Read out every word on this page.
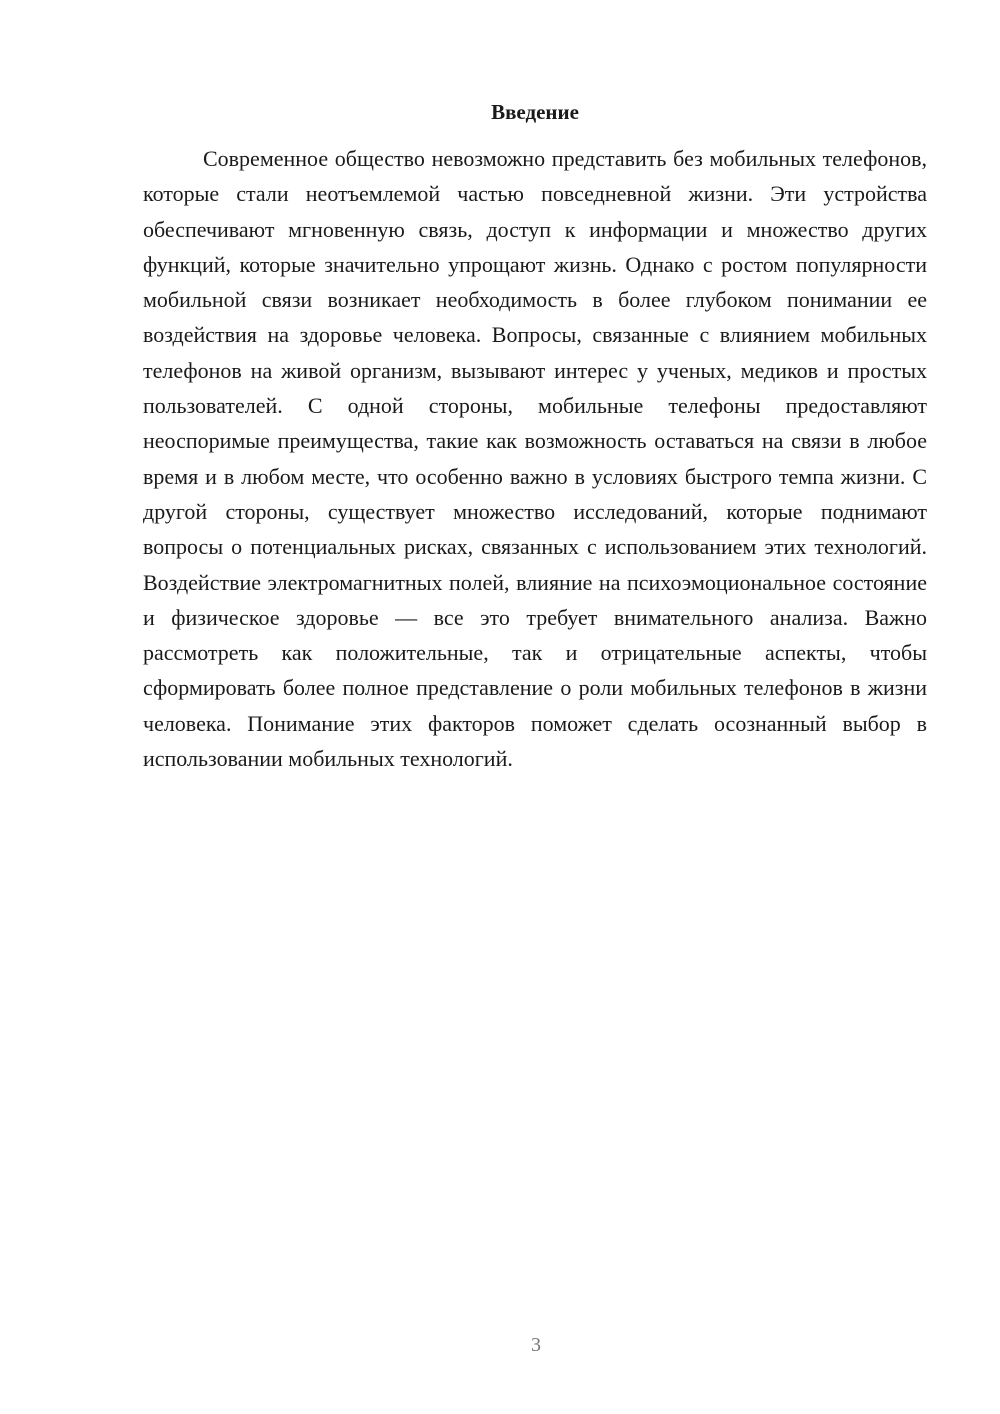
Введение

Современное общество невозможно представить без мобильных телефонов, которые стали неотъемлемой частью повседневной жизни. Эти устройства обеспечивают мгновенную связь, доступ к информации и множество других функций, которые значительно упрощают жизнь. Однако с ростом популярности мобильной связи возникает необходимость в более глубоком понимании ее воздействия на здоровье человека. Вопросы, связанные с влиянием мобильных телефонов на живой организм, вызывают интерес у ученых, медиков и простых пользователей. С одной стороны, мобильные телефоны предоставляют неоспоримые преимущества, такие как возможность оставаться на связи в любое время и в любом месте, что особенно важно в условиях быстрого темпа жизни. С другой стороны, существует множество исследований, которые поднимают вопросы о потенциальных рисках, связанных с использованием этих технологий. Воздействие электромагнитных полей, влияние на психоэмоциональное состояние и физическое здоровье — все это требует внимательного анализа. Важно рассмотреть как положительные, так и отрицательные аспекты, чтобы сформировать более полное представление о роли мобильных телефонов в жизни человека. Понимание этих факторов поможет сделать осознанный выбор в использовании мобильных технологий.

3
